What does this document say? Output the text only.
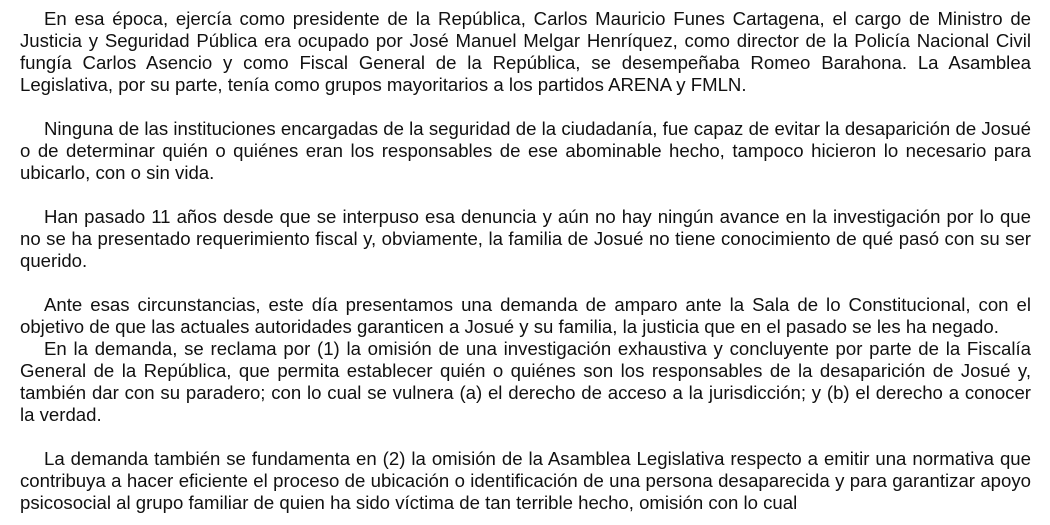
En esa época, ejercía como presidente de la República, Carlos Mauricio Funes Cartagena, el cargo de Ministro de Justicia y Seguridad Pública era ocupado por José Manuel Melgar Henríquez, como director de la Policía Nacional Civil fungía Carlos Asencio y como Fiscal General de la República, se desempeñaba Romeo Barahona. La Asamblea Legislativa, por su parte, tenía como grupos mayoritarios a los partidos ARENA y FMLN.

Ninguna de las instituciones encargadas de la seguridad de la ciudadanía, fue capaz de evitar la desaparición de Josué o de determinar quién o quiénes eran los responsables de ese abominable hecho, tampoco hicieron lo necesario para ubicarlo, con o sin vida.

Han pasado 11 años desde que se interpuso esa denuncia y aún no hay ningún avance en la investigación por lo que no se ha presentado requerimiento fiscal y, obviamente, la familia de Josué no tiene conocimiento de qué pasó con su ser querido.

Ante esas circunstancias, este día presentamos una demanda de amparo ante la Sala de lo Constitucional, con el objetivo de que las actuales autoridades garanticen a Josué y su familia, la justicia que en el pasado se les ha negado.

En la demanda, se reclama por (1) la omisión de una investigación exhaustiva y concluyente por parte de la Fiscalía General de la República, que permita establecer quién o quiénes son los responsables de la desaparición de Josué y, también dar con su paradero; con lo cual se vulnera (a) el derecho de acceso a la jurisdicción; y (b) el derecho a conocer la verdad.

La demanda también se fundamenta en (2) la omisión de la Asamblea Legislativa respecto a emitir una normativa que contribuya a hacer eficiente el proceso de ubicación o identificación de una persona desaparecida y para garantizar apoyo psicosocial al grupo familiar de quien ha sido víctima de tan terrible hecho, omisión con lo cual
